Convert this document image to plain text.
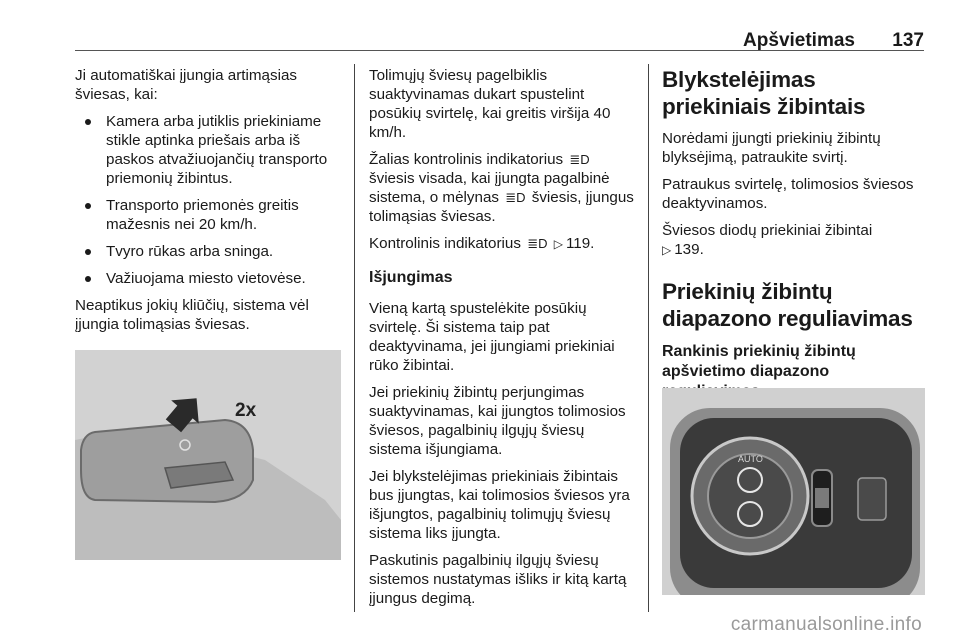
Apšvietimas 137

Ji automatiškai įjungia artimąsias šviesas, kai:

Kamera arba jutiklis priekiniame stikle aptinka priešais arba iš paskos atvažiuojančių transporto priemonių žibintus.
Transporto priemonės greitis mažesnis nei 20 km/h.
Tvyro rūkas arba sninga.
Važiuojama miesto vietovėse.

Neaptikus jokių kliūčių, sistema vėl įjungia tolimąsias šviesas.

2x

Tolimųjų šviesų pagelbiklis suaktyvinamas dukart spustelint posūkių svirtelę, kai greitis viršija 40 km/h.

Žalias kontrolinis indikatorius ≣D šviesis visada, kai įjungta pagalbinė sistema, o mėlynas ≣D šviesis, įjungus tolimąsias šviesas.

Kontrolinis indikatorius ≣D ▷ 119.

Išjungimas

Vieną kartą spustelėkite posūkių svirtelę. Ši sistema taip pat deaktyvinama, jei įjungiami priekiniai rūko žibintai.

Jei priekinių žibintų perjungimas suaktyvinamas, kai įjungtos tolimosios šviesos, pagalbinių ilgųjų šviesų sistema išjungiama.

Jei blykstelėjimas priekiniais žibintais bus įjungtas, kai tolimosios šviesos yra išjungtos, pagalbinių tolimųjų šviesų sistema liks įjungta.

Paskutinis pagalbinių ilgųjų šviesų sistemos nustatymas išliks ir kitą kartą įjungus degimą.

Blykstelėjimas priekiniais žibintais

Norėdami įjungti priekinių žibintų blyksėjimą, patraukite svirtį.

Patraukus svirtelę, tolimosios šviesos deaktyvinamos.

Šviesos diodų priekiniai žibintai
▷ 139.

Priekinių žibintų diapazono reguliavimas
Rankinis priekinių žibintų apšvietimo diapazono
AUTO
carmanualsonline.info
